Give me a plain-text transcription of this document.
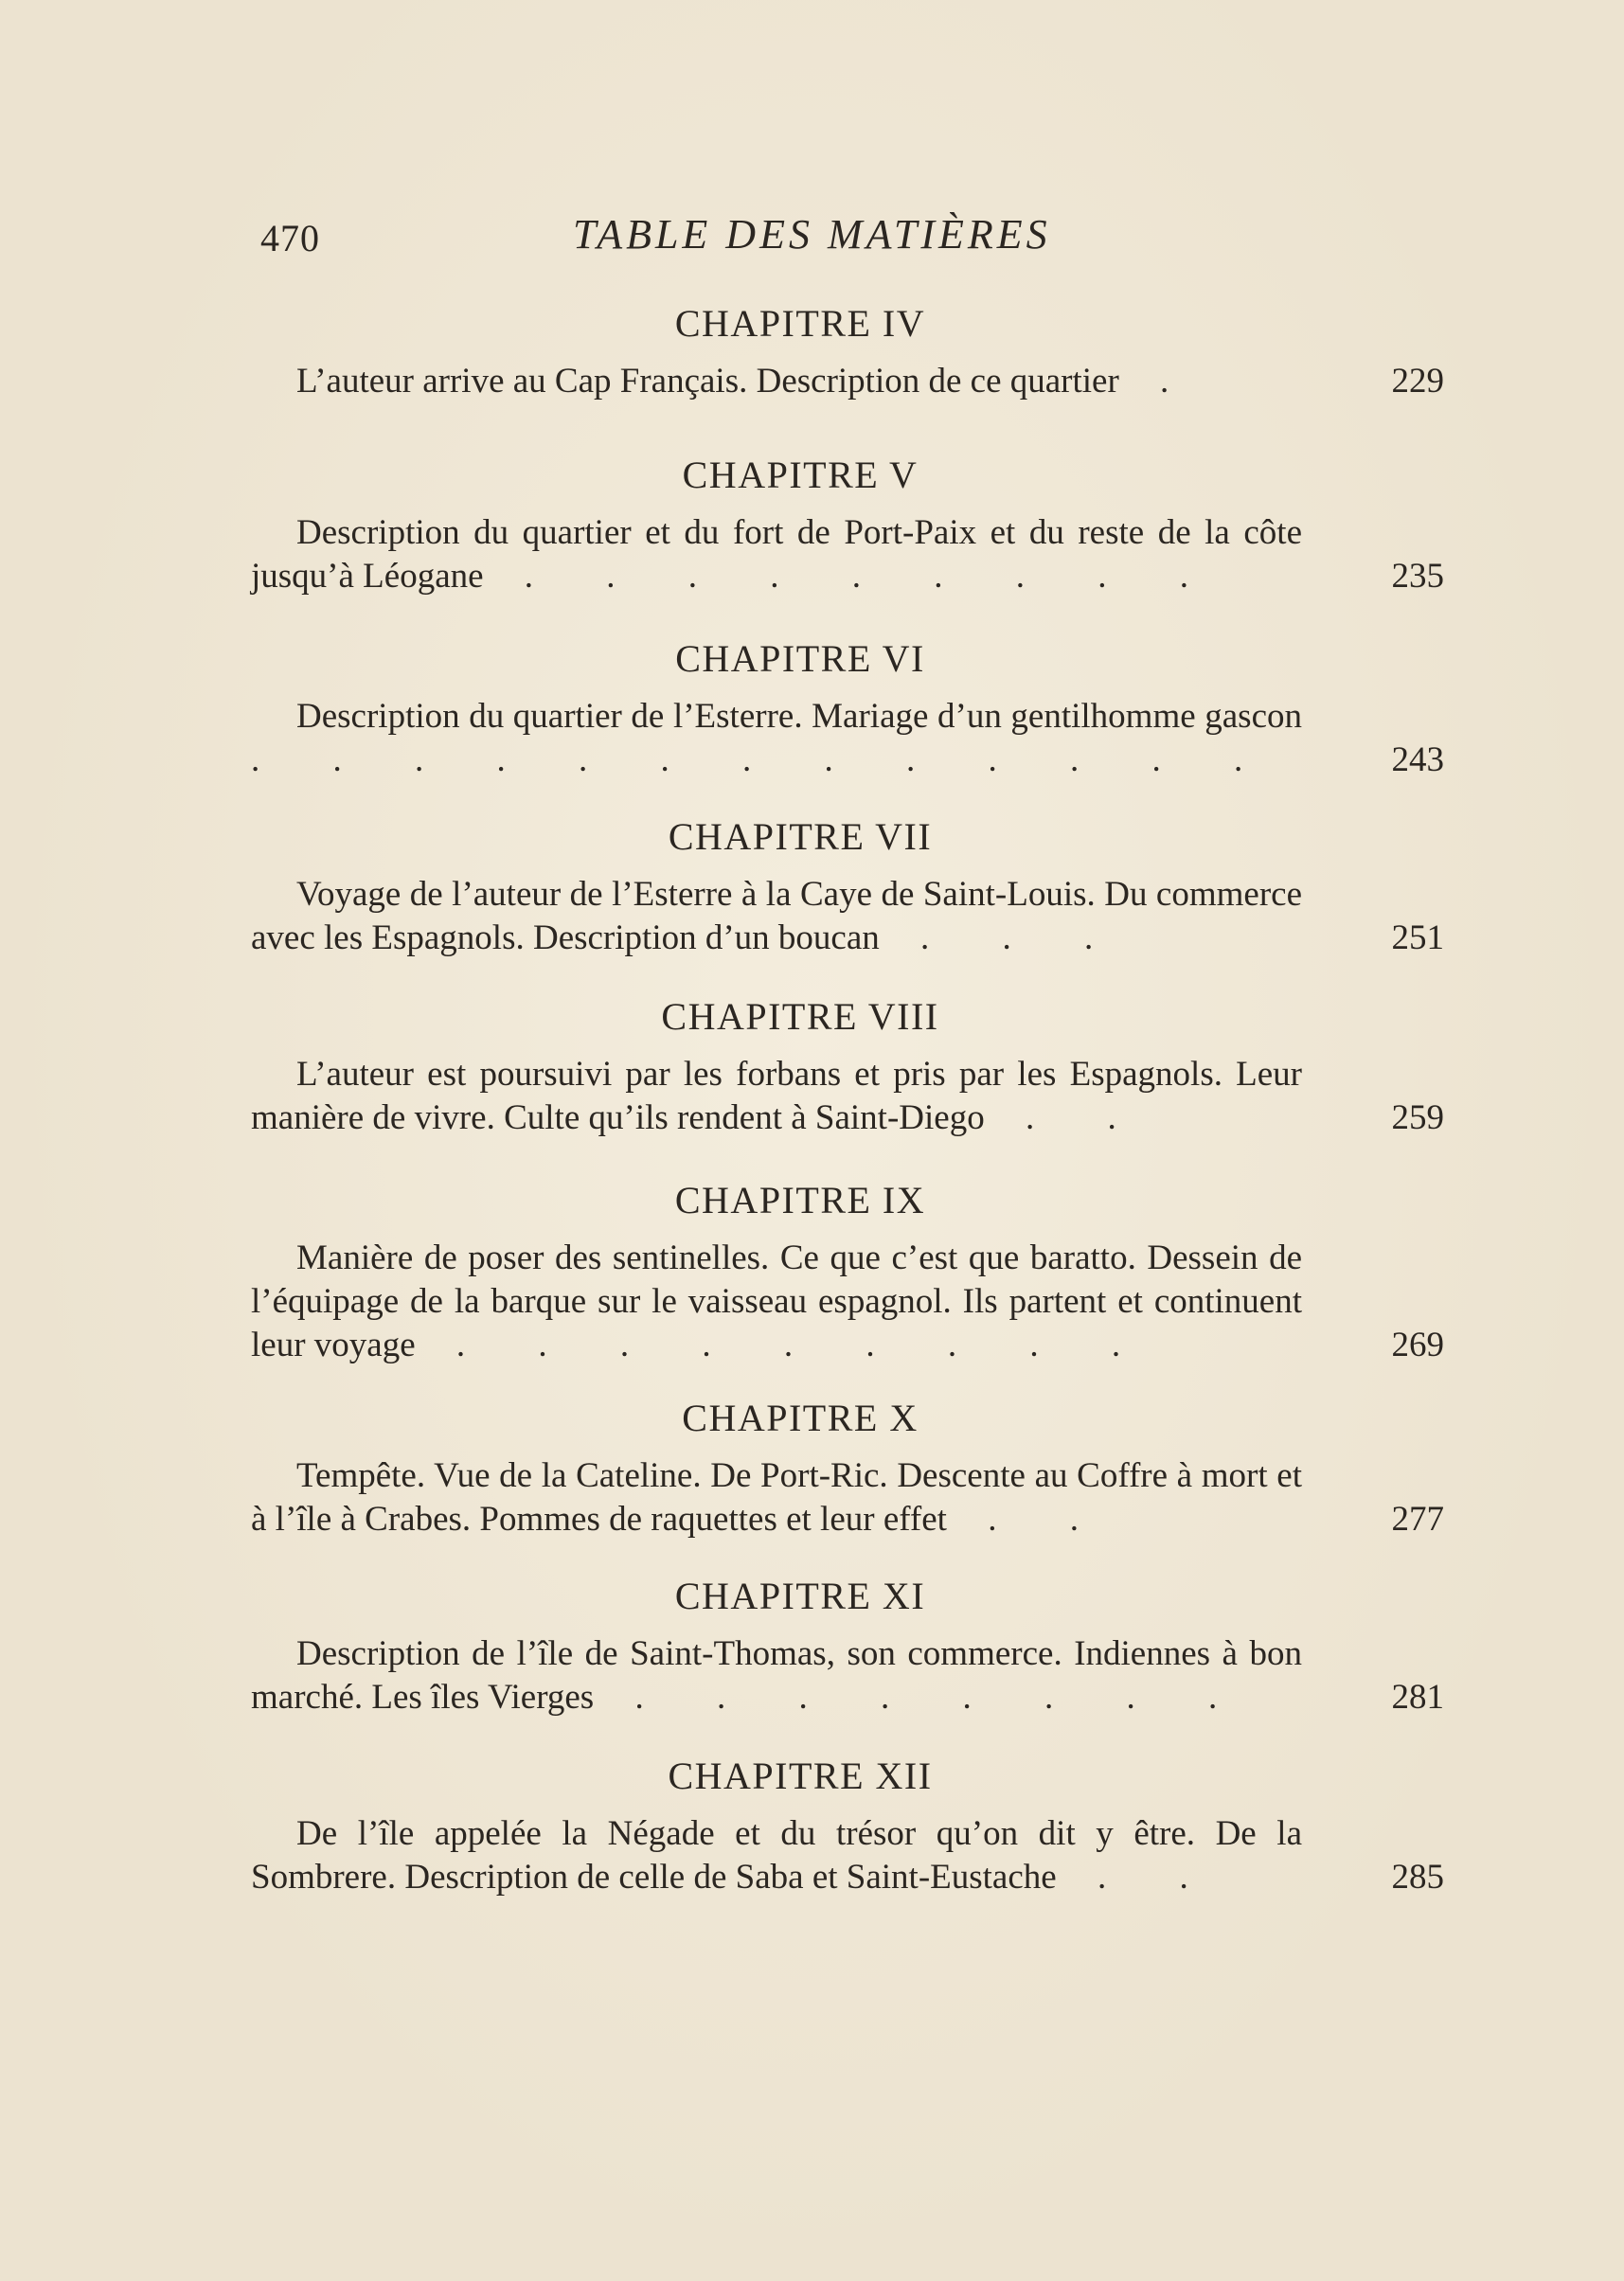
470	TABLE DES MATIÈRES
CHAPITRE IV
L’auteur arrive au Cap Français. Description de ce quartier .	229
CHAPITRE V
Description du quartier et du fort de Port-Paix et du reste de la côte jusqu’à Léogane . . . . . . . . .	235
CHAPITRE VI
Description du quartier de l’Esterre. Mariage d’un gentilhomme gascon . . . . . . . . . . . . .	243
CHAPITRE VII
Voyage de l’auteur de l’Esterre à la Caye de Saint-Louis. Du commerce avec les Espagnols. Description d’un boucan . . .	251
CHAPITRE VIII
L’auteur est poursuivi par les forbans et pris par les Espagnols. Leur manière de vivre. Culte qu’ils rendent à Saint-Diego . .	259
CHAPITRE IX
Manière de poser des sentinelles. Ce que c’est que baratto. Dessein de l’équipage de la barque sur le vaisseau espagnol. Ils partent et continuent leur voyage . . . . . . . . .	269
CHAPITRE X
Tempête. Vue de la Cateline. De Port-Ric. Descente au Coffre à mort et à l’île à Crabes. Pommes de raquettes et leur effet . .	277
CHAPITRE XI
Description de l’île de Saint-Thomas, son commerce. Indiennes à bon marché. Les îles Vierges . . . . . . . .	281
CHAPITRE XII
De l’île appelée la Négade et du trésor qu’on dit y être. De la Sombrere. Description de celle de Saba et Saint-Eustache . .	285
